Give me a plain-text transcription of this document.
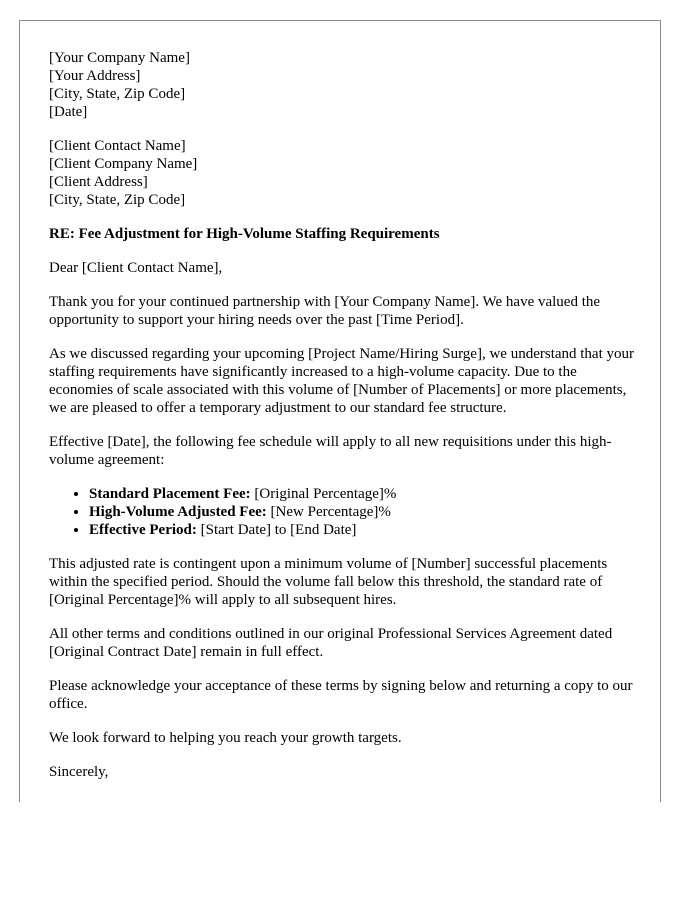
[Your Company Name]
[Your Address]
[City, State, Zip Code]
[Date]
[Client Contact Name]
[Client Company Name]
[Client Address]
[City, State, Zip Code]
RE: Fee Adjustment for High-Volume Staffing Requirements

Dear [Client Contact Name],

Thank you for your continued partnership with [Your Company Name]. We have valued the opportunity to support your hiring needs over the past [Time Period].

As we discussed regarding your upcoming [Project Name/Hiring Surge], we understand that your staffing requirements have significantly increased to a high-volume capacity. Due to the economies of scale associated with this volume of [Number of Placements] or more placements, we are pleased to offer a temporary adjustment to our standard fee structure.

Effective [Date], the following fee schedule will apply to all new requisitions under this high-volume agreement:

• Standard Placement Fee: [Original Percentage]%
• High-Volume Adjusted Fee: [New Percentage]%
• Effective Period: [Start Date] to [End Date]

This adjusted rate is contingent upon a minimum volume of [Number] successful placements within the specified period. Should the volume fall below this threshold, the standard rate of [Original Percentage]% will apply to all subsequent hires.

All other terms and conditions outlined in our original Professional Services Agreement dated [Original Contract Date] remain in full effect.

Please acknowledge your acceptance of these terms by signing below and returning a copy to our office.

We look forward to helping you reach your growth targets.

Sincerely,
